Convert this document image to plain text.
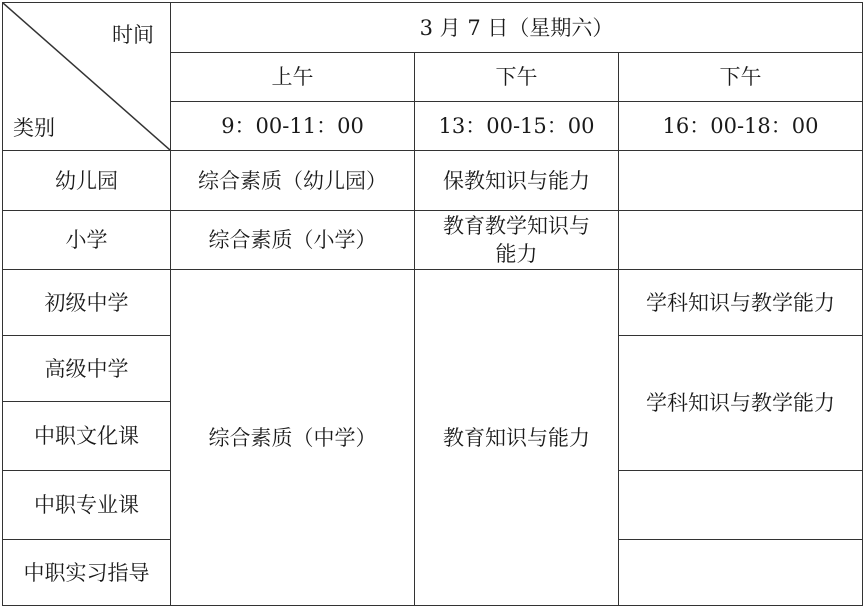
时间
类别	3 月 7 日（星期六）		
	上午	下午	下午
	9：00-11：00	13：00-15：00	16：00-18：00
幼儿园	综合素质（幼儿园）	保教知识与能力	
小学	综合素质（小学）	教育教学知识与能力	
初级中学	综合素质（中学）	教育知识与能力	学科知识与教学能力
高级中学			学科知识与教学能力
中职文化课			
中职专业课			
中职实习指导			
